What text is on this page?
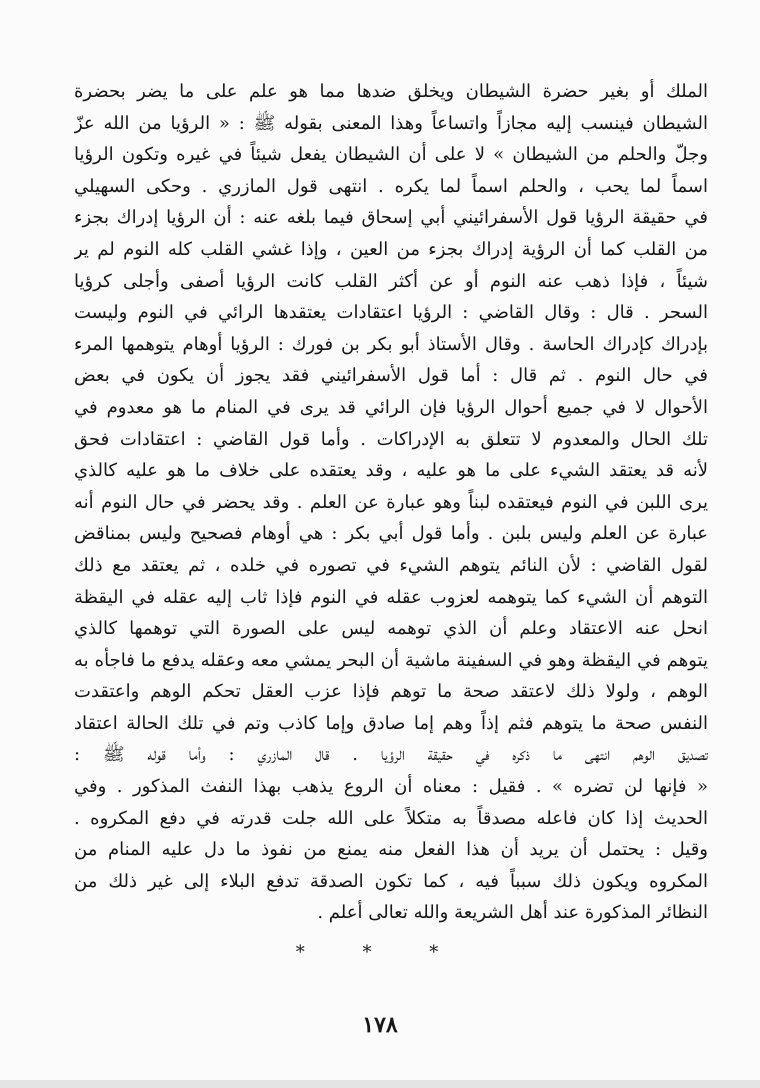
الملك أو بغير حضرة الشيطان ويخلق ضدها مما هو علم على ما يضر بحضرة
الشيطان فينسب إليه مجازاً واتساعاً وهذا المعنى بقوله ﷺ : « الرؤيا من الله عزّ
وجلّ والحلم من الشيطان » لا على أن الشيطان يفعل شيئاً في غيره وتكون الرؤيا
اسماً لما يحب ، والحلم اسماً لما يكره . انتهى قول المازري . وحكى السهيلي
في حقيقة الرؤيا قول الأسفرائيني أبي إسحاق فيما بلغه عنه : أن الرؤيا إدراك بجزء
من القلب كما أن الرؤية إدراك بجزء من العين ، وإذا غشي القلب كله النوم لم ير
شيئاً ، فإذا ذهب عنه النوم أو عن أكثر القلب كانت الرؤيا أصفى وأجلى كرؤيا
السحر . قال : وقال القاضي : الرؤيا اعتقادات يعتقدها الرائي في النوم وليست
بإدراك كإدراك الحاسة . وقال الأستاذ أبو بكر بن فورك : الرؤيا أوهام يتوهمها المرء
في حال النوم . ثم قال : أما قول الأسفرائيني فقد يجوز أن يكون في بعض
الأحوال لا في جميع أحوال الرؤيا فإن الرائي قد يرى في المنام ما هو معدوم في
تلك الحال والمعدوم لا تتعلق به الإدراكات . وأما قول القاضي : اعتقادات فحق
لأنه قد يعتقد الشيء على ما هو عليه ، وقد يعتقده على خلاف ما هو عليه كالذي
يرى اللبن في النوم فيعتقده لبناً وهو عبارة عن العلم . وقد يحضر في حال النوم أنه
عبارة عن العلم وليس بلبن . وأما قول أبي بكر : هي أوهام فصحيح وليس بمناقض
لقول القاضي : لأن النائم يتوهم الشيء في تصوره في خلده ، ثم يعتقد مع ذلك
التوهم أن الشيء كما يتوهمه لعزوب عقله في النوم فإذا ثاب إليه عقله في اليقظة
انحل عنه الاعتقاد وعلم أن الذي توهمه ليس على الصورة التي توهمها كالذي
يتوهم في اليقظة وهو في السفينة ماشية أن البحر يمشي معه وعقله يدفع ما فاجأه به
الوهم ، ولولا ذلك لاعتقد صحة ما توهم فإذا عزب العقل تحكم الوهم واعتقدت
النفس صحة ما يتوهم فثم إذاً وهم إما صادق وإما كاذب وتم في تلك الحالة اعتقاد
تصديق الوهم انتهى ما ذكره في حقيقة الرؤيا . قال المازري : وأما قوله ﷺ :
« فإنها لن تضره » . فقيل : معناه أن الروع يذهب بهذا النفث المذكور . وفي
الحديث إذا كان فاعله مصدقاً به متكلاً على الله جلت قدرته في دفع المكروه .
وقيل : يحتمل أن يريد أن هذا الفعل منه يمنع من نفوذ ما دل عليه المنام من
المكروه ويكون ذلك سبباً فيه ، كما تكون الصدقة تدفع البلاء إلى غير ذلك من
النظائر المذكورة عند أهل الشريعة والله تعالى أعلم .
* * *
١٧٨
